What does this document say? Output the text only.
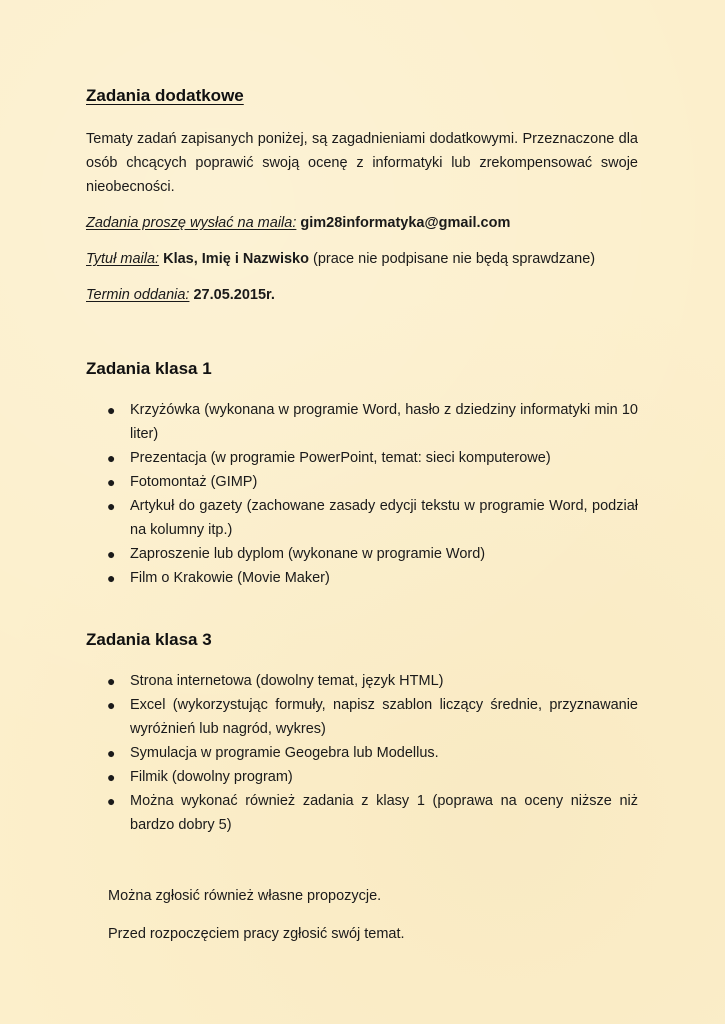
Zadania dodatkowe

Tematy zadań zapisanych poniżej, są zagadnieniami dodatkowymi. Przeznaczone dla osób chcących poprawić swoją ocenę z informatyki lub zrekompensować swoje nieobecności.

Zadania proszę wysłać na maila: gim28informatyka@gmail.com

Tytuł maila: Klas, Imię i Nazwisko (prace nie podpisane nie będą sprawdzane)

Termin oddania: 27.05.2015r.

Zadania klasa 1
● Krzyżówka (wykonana w programie Word, hasło z dziedziny informatyki min 10 liter)
● Prezentacja (w programie PowerPoint, temat: sieci komputerowe)
● Fotomontaż (GIMP)
● Artykuł do gazety (zachowane zasady edycji tekstu w programie Word, podział na kolumny itp.)
● Zaproszenie lub dyplom (wykonane w programie Word)
● Film o Krakowie (Movie Maker)
Zadania klasa 3
● Strona internetowa (dowolny temat, język HTML)
● Excel (wykorzystując formuły, napisz szablon liczący średnie, przyznawanie wyróżnień lub nagród, wykres)
● Symulacja w programie Geogebra lub Modellus.
● Filmik (dowolny program)
● Można wykonać również zadania z klasy 1 (poprawa na oceny niższe niż bardzo dobry 5)
Można zgłosić również własne propozycje.
Przed rozpoczęciem pracy zgłosić swój temat.
